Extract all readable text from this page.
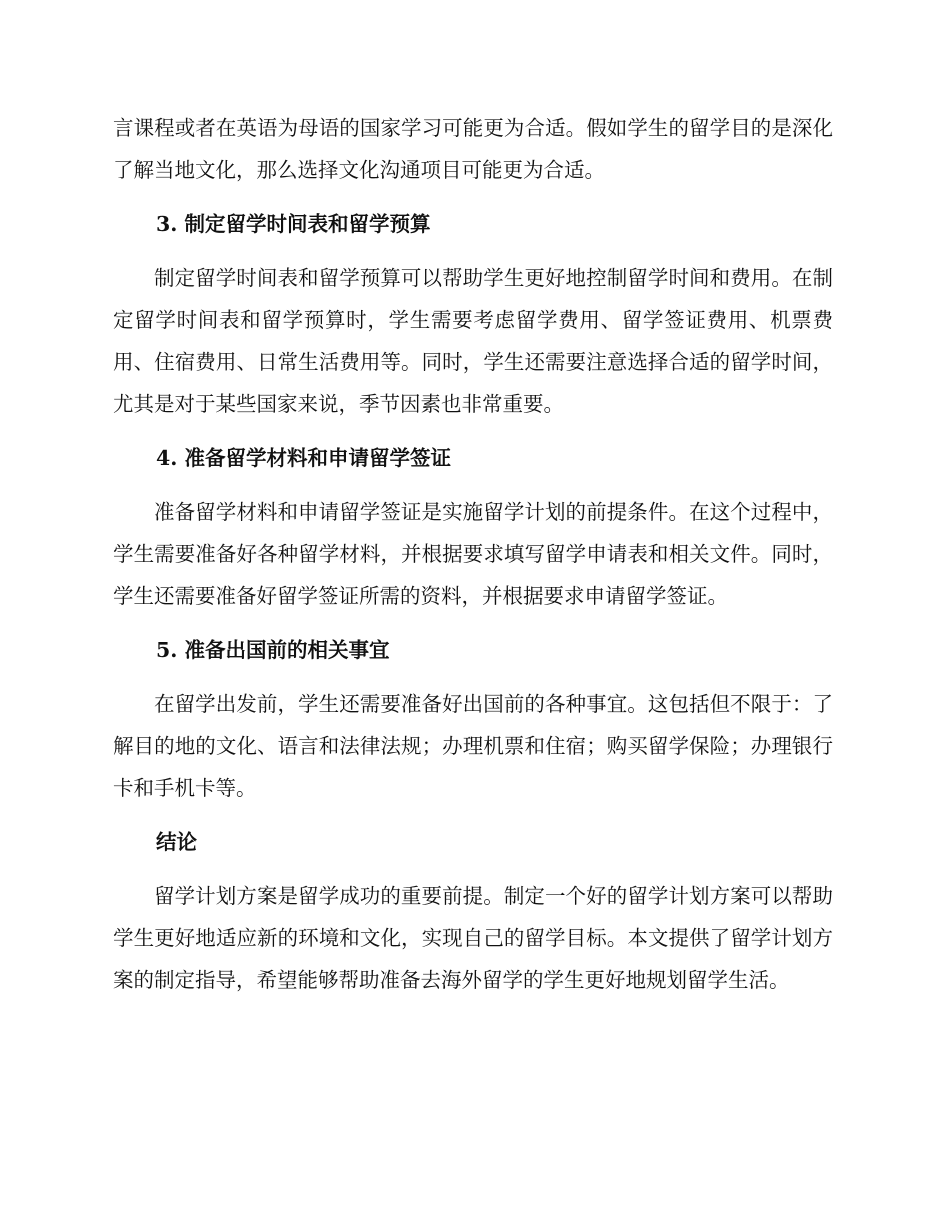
言课程或者在英语为母语的国家学习可能更为合适。假如学生的留学目的是深化了解当地文化，那么选择文化沟通项目可能更为合适。

3. 制定留学时间表和留学预算

制定留学时间表和留学预算可以帮助学生更好地控制留学时间和费用。在制定留学时间表和留学预算时，学生需要考虑留学费用、留学签证费用、机票费用、住宿费用、日常生活费用等。同时，学生还需要注意选择合适的留学时间，尤其是对于某些国家来说，季节因素也非常重要。

4. 准备留学材料和申请留学签证

准备留学材料和申请留学签证是实施留学计划的前提条件。在这个过程中，学生需要准备好各种留学材料，并根据要求填写留学申请表和相关文件。同时，学生还需要准备好留学签证所需的资料，并根据要求申请留学签证。

5. 准备出国前的相关事宜

在留学出发前，学生还需要准备好出国前的各种事宜。这包括但不限于：了解目的地的文化、语言和法律法规；办理机票和住宿；购买留学保险；办理银行卡和手机卡等。

结论

留学计划方案是留学成功的重要前提。制定一个好的留学计划方案可以帮助学生更好地适应新的环境和文化，实现自己的留学目标。本文提供了留学计划方案的制定指导，希望能够帮助准备去海外留学的学生更好地规划留学生活。
